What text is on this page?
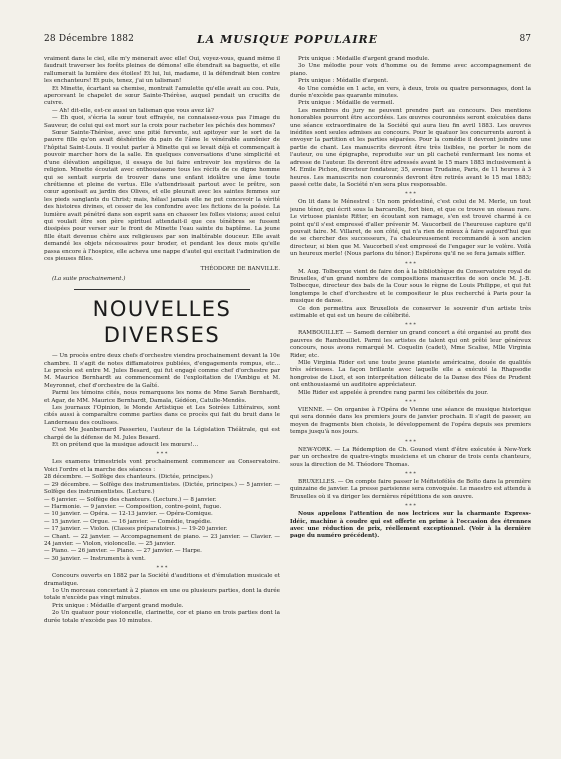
28 Décembre 1882	LA MUSIQUE POPULAIRE	87

vraiment dans le ciel, elle m'y mènerait avec elle! Oui, voyez-vous, quand même il faudrait traverser les forêts pleines de démons! elle étendrait sa baguette, et elle rallumerait la lumière des étoiles! Et lui, lui, madame, il la défendrait bien contre les enchanteurs! Et puis, tenez, j'ai un talisman!

Et Minette, écartant sa chemise, montrait l'amulette qu'elle avait au cou. Puis, apercevant le chapelet de sœur Sainte-Thérèse, auquel pendait un crucifix de cuivre.

— Ah! dit-elle, est-ce aussi un talisman que vous avez là?

— Eh quoi, s'écria la sœur tout effrayée, ne connaissez-vous pas l'image du Sauveur, de celui qui est mort sur la croix pour racheter les péchés des hommes?

Sœur Sainte-Thérèse, avec une pitié fervente, sut apitoyer sur le sort de la pauvre fille qu'on avait déshéritée du pain de l'âme le vénérable aumônier de l'hôpital Saint-Louis. Il voulut parler à Minette qui se levait déjà et commençait à pouvoir marcher hors de la salle. En quelques conversations d'une simplicité et d'une élévation angélique, il essaya de lui faire entrevoir les mystères de la religion. Minette écoutait avec enthousiasme tous les récits de ce digne homme qui se sentait surpris de trouver dans une enfant idolâtre une âme toute chrétienne et pleine de vertus. Elle s'attendrissait partout avec le prêtre, son cœur agonisait au jardin des Olives, et elle pleurait avec les saintes femmes sur les pieds sanglants du Christ; mais, hélas! jamais elle ne put concevoir la vérité des histoires divines, et cesser de les confondre avec les fictions de la poésie. La lumière avait pénétré dans son esprit sans en chasser les folles visions; aussi celui qui voulait être son père spirituel attendait-il que ces ténèbres se fussent dissipées pour verser sur le front de Minette l'eau sainte du baptême. La jeune fille était devenue chère aux religieuses par son inaltérable douceur. Elle avait demandé les objets nécessaires pour broder, et pendant les deux mois qu'elle passa encore à l'hospice, elle acheva une nappe d'autel qui excitait l'admiration de ces pieuses filles.

THÉODORE DE BANVILLE.

(La suite prochainement.)

NOUVELLES DIVERSES

— Un procès entre deux chefs d'orchestre viendra prochainement devant la 10e chambre. Il s'agit de notes diffamatoires publiées, d'engagements rompus, etc... Le procès est entre M. Jules Besard, qui fut engagé comme chef d'orchestre par M. Maurice Bernhardt au commencement de l'exploitation de l'Ambigu et M. Meyronnet, chef d'orchestre de la Gaîté.

Parmi les témoins cités, nous remarquons les noms de Mme Sarah Bernhardt, et Agar, de MM. Maurice Bernhardt, Damala, Gédéon, Catulle-Mendès.

Les journaux l'Opinion, le Monde Artistique et Les Soirées Littéraires, sont cités aussi à comparaître comme parties dans ce procès qui fait du bruit dans le Landerneau des coulisses.

C'est Me Jeanbernard Passerieu, l'auteur de la Législation Théâtrale, qui est chargé de la défense de M. Jules Besard.

Et on prétend que la musique adoucit les mœurs!...

* * *

Les examens trimestriels vont prochainement commencer au Conservatoire. Voici l'ordre et la marche des séances :

28 décembre. — Solfège des chanteurs. (Dictée, principes.)

— 29 décembre. — Solfège des instrumentistes. (Dictée, principes.) — 5 janvier. — Solfège des instrumentistes. (Lecture.)

— 6 janvier. — Solfège des chanteurs. (Lecture.) — 8 janvier.

— Harmonie. — 9 janvier. — Composition, contre-point, fugue.

— 10 janvier. — Opéra. — 12-13 janvier. — Opéra-Comique.

— 15 janvier. — Orgue. — 16 janvier. — Comédie, tragédie.

— 17 janvier. — Violon. (Classes préparatoires.) — 19-20 janvier.

— Chant. — 22 janvier. — Accompagnement de piano. — 23 janvier. — Clavier. — 24 janvier. — Violon, violoncelle. — 25 janvier.

— Piano. — 26 janvier. — Piano. — 27 janvier. — Harpe.

— 30 janvier. — Instruments à vent.

* * *

Concours ouverts en 1882 par la Société d'auditions et d'émulation musicale et dramatique.

1o Un morceau concertant à 2 pianos en une ou plusieurs parties, dont la durée totale n'excède pas vingt minutes.

Prix unique : Médaille d'argent grand module.

2o Un quatuor pour violoncelle, clarinette, cor et piano en trois parties dont la durée totale n'excède pas 10 minutes.

Prix unique : Médaille d'argent grand module.

3o Une mélodie pour voix d'homme ou de femme avec accompagnement de piano.

Prix unique : Médaille d'argent.

4o Une comédie en 1 acte, en vers, à deux, trois ou quatre personnages, dont la durée n'excède pas quarante minutes.

Prix unique : Médaille de vermeil.

Les membres du jury ne peuvent prendre part au concours. Des mentions honorables pourront être accordées. Les œuvres couronnées seront exécutées dans une séance extraordinaire de la Société qui aura lieu fin avril 1883. Les œuvres inédites sont seules admises au concours. Pour le quatuor les concurrents auront à envoyer la partition et les parties séparées. Pour la comédie il devront joindre une partie de chant. Les manuscrits devront être très lisibles, ne porter le nom de l'auteur, ou une épigraphe, reproduite sur un pli cacheté renfermant les noms et adresse de l'auteur. Ils devront être adressés avant le 15 mars 1883 inclusivement à M. Emile Pichon, directeur fondateur, 35, avenue Trudaine, Paris, de 11 heures à 3 heures. Les manuscrits non couronnés devront être retirés avant le 15 mai 1883; passé cette date, la Société n'en sera plus responsable.

* * *

On lit dans le Ménestrel : Un nom prédestiné, c'est celui de M. Merle, un tout jeune ténor, qui écrit sous la barcarolle, fort bien, et que ce trouve un oiseau rare. Le virtuose pianiste Ritter, en écoutant son ramage, s'en est trouvé charmé à ce point qu'il s'est empressé d'aller prévenir M. Vaucorbeil de l'heureuse capture qu'il pouvait faire. M. Villaret, de son côté, qui n'a rien de mieux à faire aujourd'hui que de se chercher des successeurs, l'a chaleureusement recommandé à son ancien directeur, si bien que M. Vaucorbeil s'est empressé de l'engager sur le volère. Voilà un heureux merle! (Nous parlons du ténor.) Espérons qu'il ne se fera jamais siffler.

* * *

M. Aug. Tolbecque vient de faire don à la bibliothèque du Conservatoire royal de Bruxelles, d'un grand nombre de compositions manuscrites de son oncle M. J.-B. Tolbecque, directeur des bals de la Cour sous le règne de Louis Philippe, et qui fut longtemps le chef d'orchestre et le compositeur le plus recherché à Paris pour la musique de danse.

Ce don permettra aux Bruxellois de conserver le souvenir d'un artiste très estimable et qui est un heure de célébrité.

* * *

RAMBOUILLET. — Samedi dernier un grand concert a été organisé au profit des pauvres de Rambouillet. Parmi les artistes de talent qui ont prêté leur généreux concours, nous avons remarqué M. Coquelin (cadet), Mme Scalise, Mlle Virginia Rider, etc.

Mlle Virginia Rider est une toute jeune pianiste américaine, douée de qualités très sérieuses. La façon brillante avec laquelle elle a exécuté la Rhapsodie hongroise de Liszt, et son interprétation délicate de la Danse des Fées de Prudent ont enthousiasmé un auditoire appréciateur.

Mlle Rider est appelée à prendre rang parmi les célébrités du jour.

* * *

VIENNE. — On organise à l'Opéra de Vienne une séance de musique historique qui sera donnée dans les premiers jours de janvier prochain. Il s'agit de passer, au moyen de fragments bien choisis, le développement de l'opéra depuis ses premiers temps jusqu'à nos jours.

* * *

NEW-YORK. — La Rédemption de Ch. Gounod vient d'être exécutée à New-York par un orchestre de quatre-vingts musiciens et un chœur de trois cents chanteurs, sous la direction de M. Théodore Thomas.

* * *

BRUXELLES. — On compte faire passer le Méfistofélès de Boïto dans la première quinzaine de janvier. La presse parisienne sera convoquée. Le maestro est attendu à Bruxelles où il va diriger les dernières répétitions de son œuvre.

* * *

Nous appelons l'attention de nos lectrices sur la charmante Express-Idéic, machine à coudre qui est offerte en prime à l'occasion des étrennes avec une réduction de prix, réellement exceptionnel. (Voir à la dernière page du numéro précédent).
